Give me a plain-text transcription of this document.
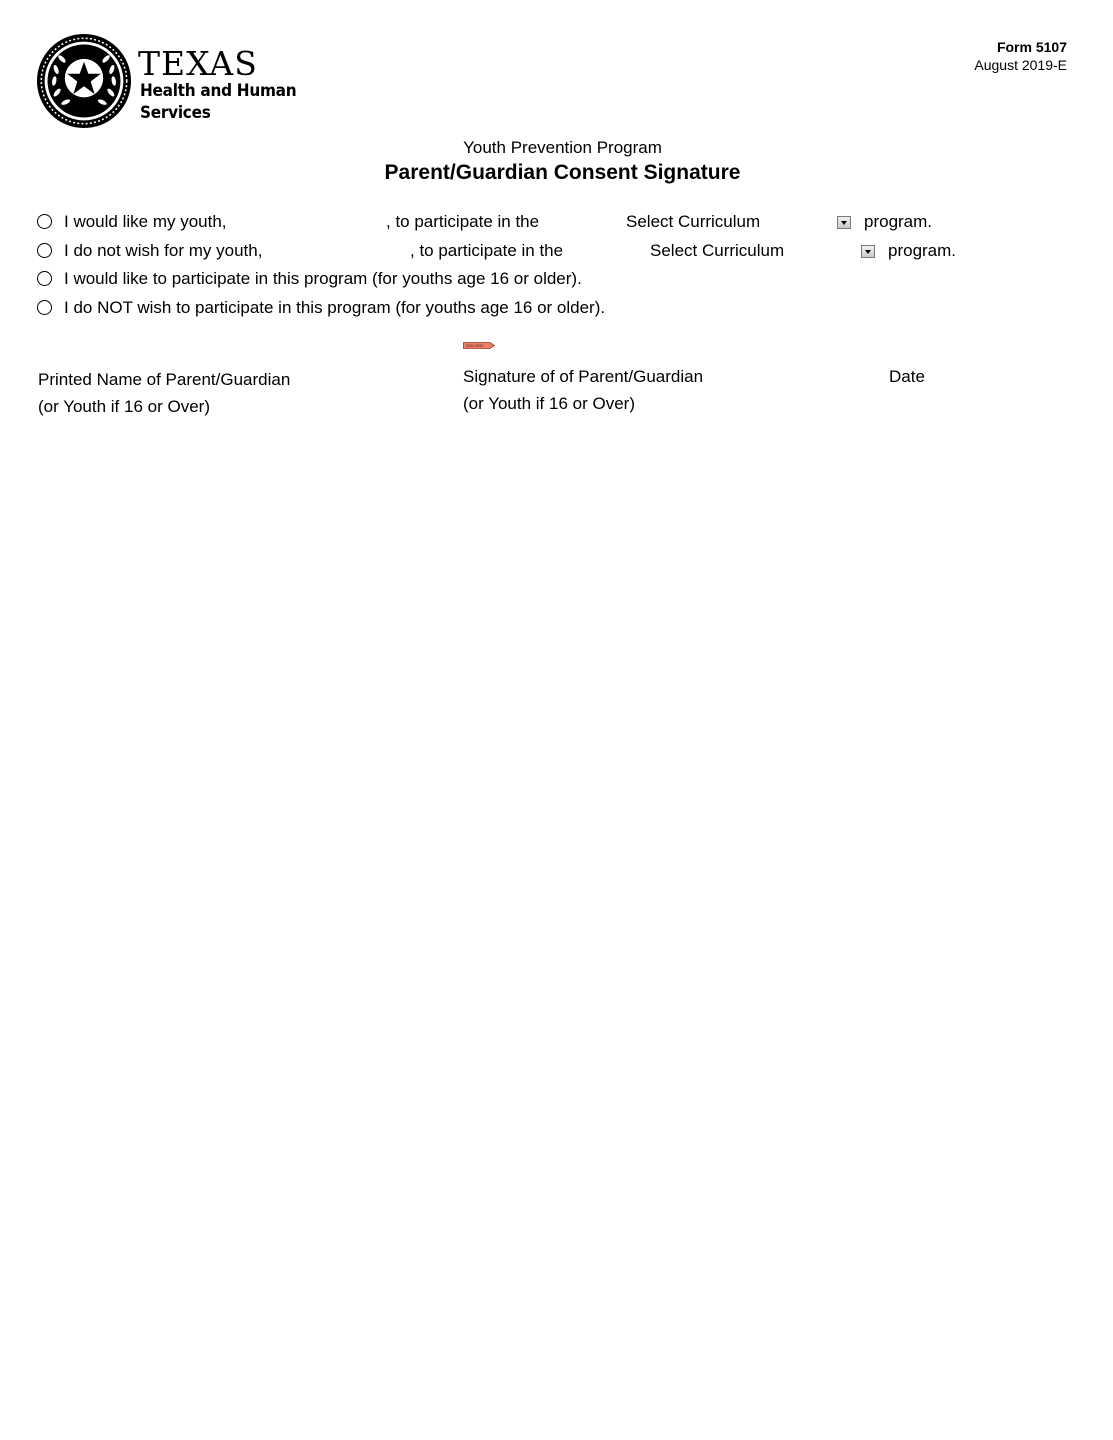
TEXAS
Health and Human
Services
Form 5107
August 2019-E
Youth Prevention Program
Parent/Guardian Consent Signature
I would like my youth,	, to participate in the	Select Curriculum	program.
I do not wish for my youth,	, to participate in the	Select Curriculum	program.
I would like to participate in this program (for youths age 16 or older).
I do NOT wish to participate in this program (for youths age 16 or older).
SIGN HERE
Printed Name of Parent/Guardian
(or Youth if 16 or Over)
Signature of of Parent/Guardian
(or Youth if 16 or Over)
Date
